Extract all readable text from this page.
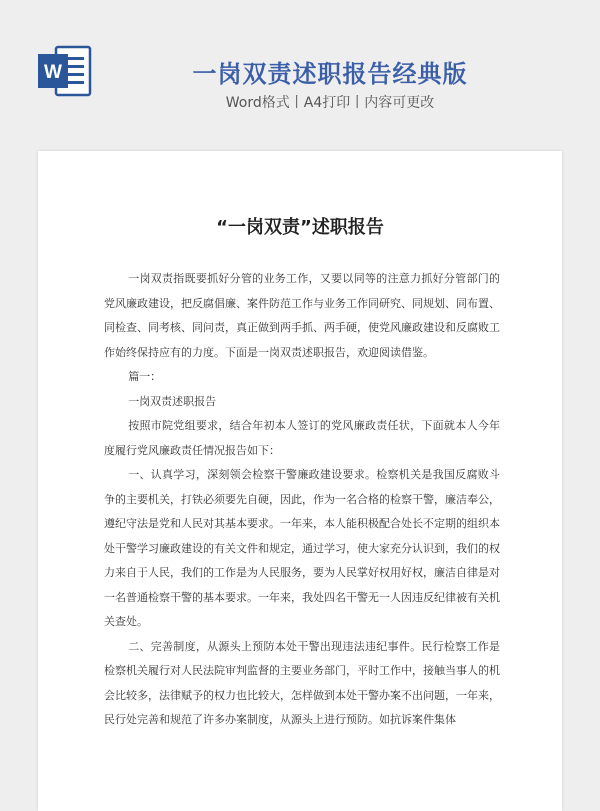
W	一岗双责述职报告经典版
Word格式丨A4打印丨内容可更改
“一岗双责”述职报告

一岗双责指既要抓好分管的业务工作，又要以同等的注意力抓好分管部门的党风廉政建设，把反腐倡廉、案件防范工作与业务工作同研究、同规划、同布置、同检查、同考核、同问责，真正做到两手抓、两手硬，使党风廉政建设和反腐败工作始终保持应有的力度。下面是一岗双责述职报告，欢迎阅读借鉴。

篇一：

一岗双责述职报告

按照市院党组要求，结合年初本人签订的党风廉政责任状，下面就本人今年度履行党风廉政责任情况报告如下：

一、认真学习，深刻领会检察干警廉政建设要求。检察机关是我国反腐败斗争的主要机关，打铁必须要先自硬，因此，作为一名合格的检察干警，廉洁奉公，遵纪守法是党和人民对其基本要求。一年来，本人能积极配合处长不定期的组织本处干警学习廉政建设的有关文件和规定，通过学习，使大家充分认识到，我们的权力来自于人民，我们的工作是为人民服务，要为人民掌好权用好权，廉洁自律是对一名普通检察干警的基本要求。一年来，我处四名干警无一人因违反纪律被有关机关查处。

二、完善制度，从源头上预防本处干警出现违法违纪事件。民行检察工作是检察机关履行对人民法院审判监督的主要业务部门，平时工作中，接触当事人的机会比较多，法律赋予的权力也比较大，怎样做到本处干警办案不出问题，一年来，民行处完善和规范了许多办案制度，从源头上进行预防。如抗诉案件集体
